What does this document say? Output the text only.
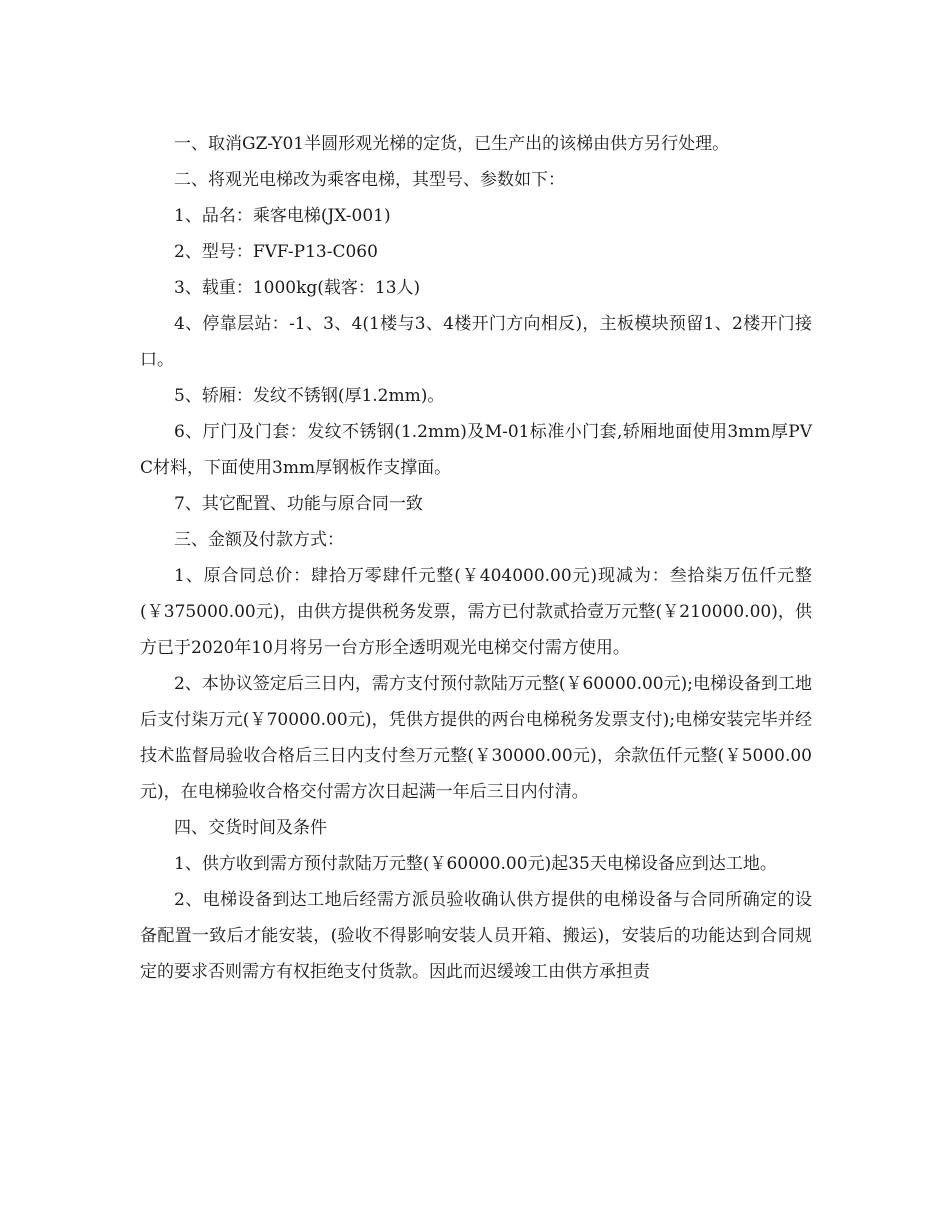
一、取消GZ-Y01半圆形观光梯的定货，已生产出的该梯由供方另行处理。

二、将观光电梯改为乘客电梯，其型号、参数如下：

1、品名：乘客电梯(JX-001)

2、型号：FVF-P13-C060

3、载重：1000kg(载客：13人)

4、停靠层站：-1、3、4(1楼与3、4楼开门方向相反)，主板模块预留1、2楼开门接口。

5、轿厢：发纹不锈钢(厚1.2mm)。

6、厅门及门套：发纹不锈钢(1.2mm)及M-01标准小门套,轿厢地面使用3mm厚PVC材料，下面使用3mm厚钢板作支撑面。

7、其它配置、功能与原合同一致

三、金额及付款方式：

1、原合同总价：肆拾万零肆仟元整(￥404000.00元)现减为：叁拾柒万伍仟元整(￥375000.00元)，由供方提供税务发票，需方已付款贰拾壹万元整(￥210000.00)，供方已于2020年10月将另一台方形全透明观光电梯交付需方使用。

2、本协议签定后三日内，需方支付预付款陆万元整(￥60000.00元);电梯设备到工地后支付柒万元(￥70000.00元)，凭供方提供的两台电梯税务发票支付);电梯安装完毕并经技术监督局验收合格后三日内支付叁万元整(￥30000.00元)，余款伍仟元整(￥5000.00元)，在电梯验收合格交付需方次日起满一年后三日内付清。

四、交货时间及条件

1、供方收到需方预付款陆万元整(￥60000.00元)起35天电梯设备应到达工地。

2、电梯设备到达工地后经需方派员验收确认供方提供的电梯设备与合同所确定的设备配置一致后才能安装，(验收不得影响安装人员开箱、搬运)，安装后的功能达到合同规定的要求否则需方有权拒绝支付货款。因此而迟缓竣工由供方承担责
